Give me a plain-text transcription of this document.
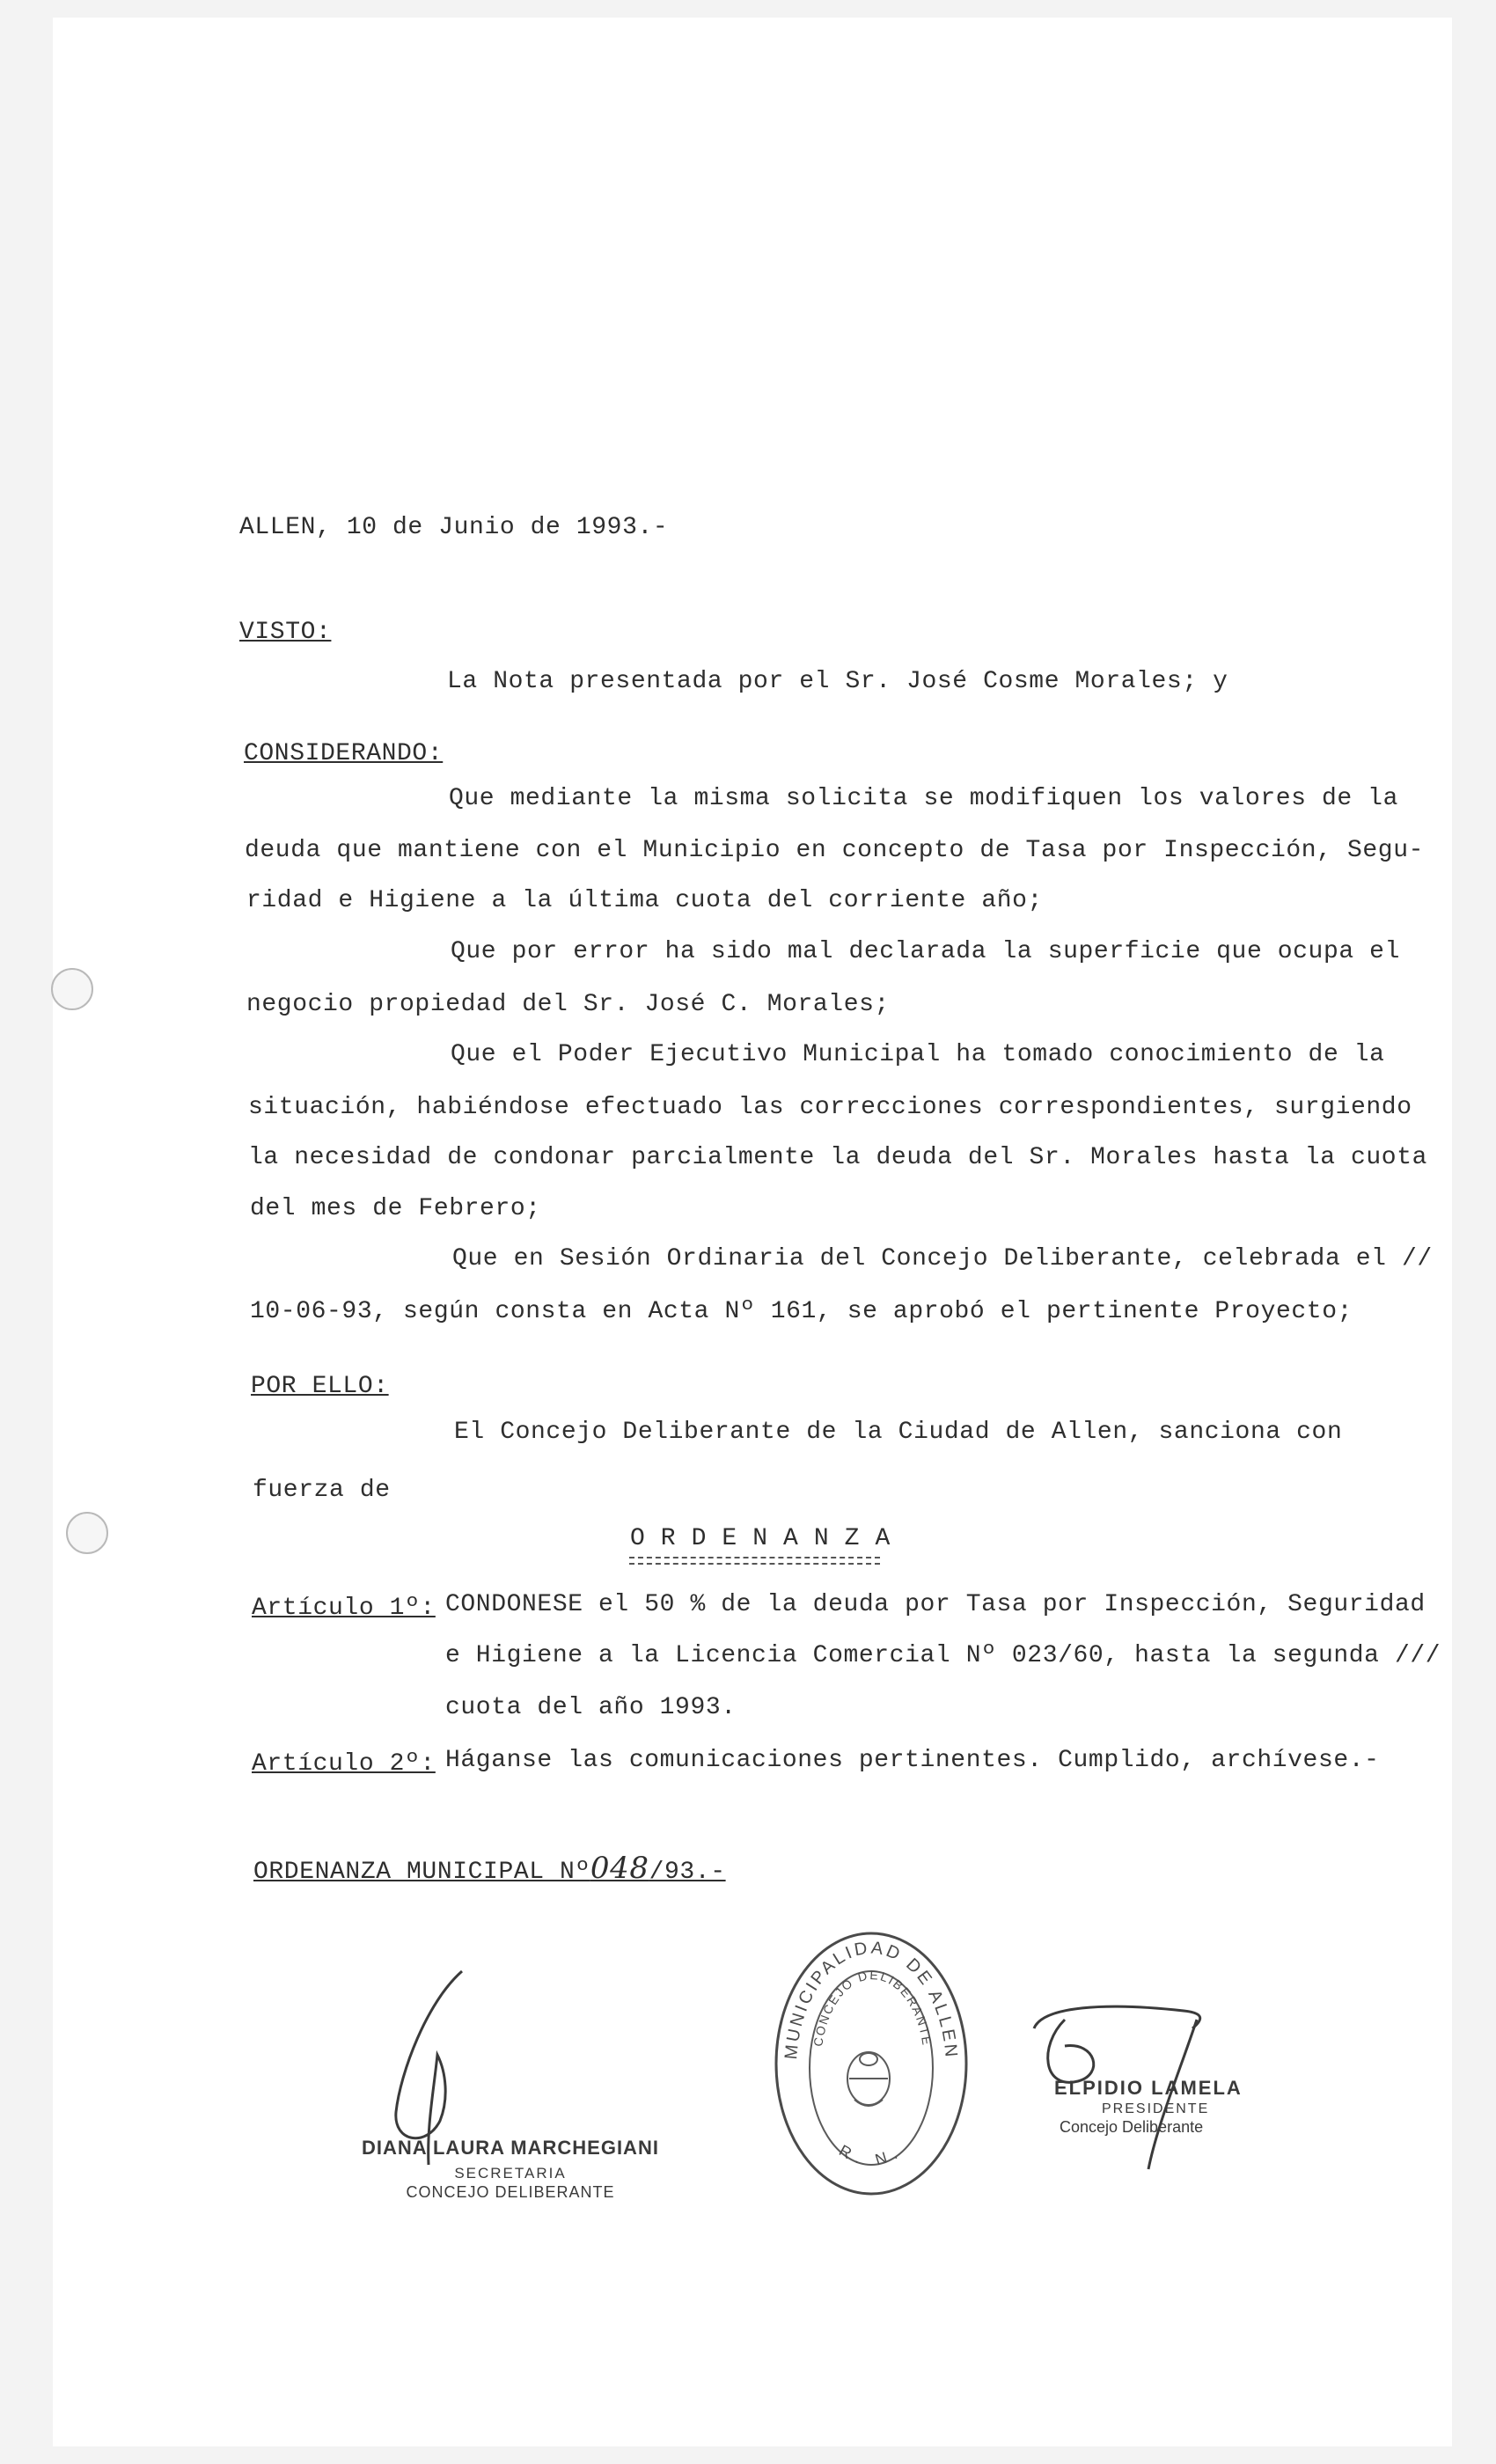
ALLEN, 10 de Junio de 1993.-
VISTO:
La Nota presentada por el Sr. José Cosme Morales; y
CONSIDERANDO:
Que mediante la misma solicita se modifiquen los valores de la
deuda que mantiene con el Municipio en concepto de Tasa por Inspección, Segu-
ridad e Higiene a la última cuota del corriente año;
Que por error ha sido mal declarada la superficie que ocupa el
negocio propiedad del Sr. José C. Morales;
Que el Poder Ejecutivo Municipal ha tomado conocimiento de la
situación, habiéndose efectuado las correcciones correspondientes, surgiendo
la necesidad de condonar parcialmente la deuda del Sr. Morales hasta la cuota
del mes de Febrero;
Que en Sesión Ordinaria del Concejo Deliberante, celebrada el //
10-06-93, según consta en Acta Nº 161, se aprobó el pertinente Proyecto;
POR ELLO:
El Concejo Deliberante de la Ciudad de Allen, sanciona con
fuerza de
O R D E N A N Z A
Artículo 1º: CONDONESE el 50 % de la deuda por Tasa por Inspección, Seguridad
e Higiene a la Licencia Comercial Nº 023/60, hasta la segunda ///
cuota del año 1993.
Artículo 2º: Háganse las comunicaciones pertinentes. Cumplido, archívese.-
ORDENANZA MUNICIPAL Nº048/93.-
DIANA LAURA MARCHEGIANI
SECRETARIA
CONCEJO DELIBERANTE
MUNICIPALIDAD DE ALLEN
CONCEJO DELIBERANTE
R. N.
ELPIDIO LAMELA
PRESIDENTE
Concejo Deliberante
